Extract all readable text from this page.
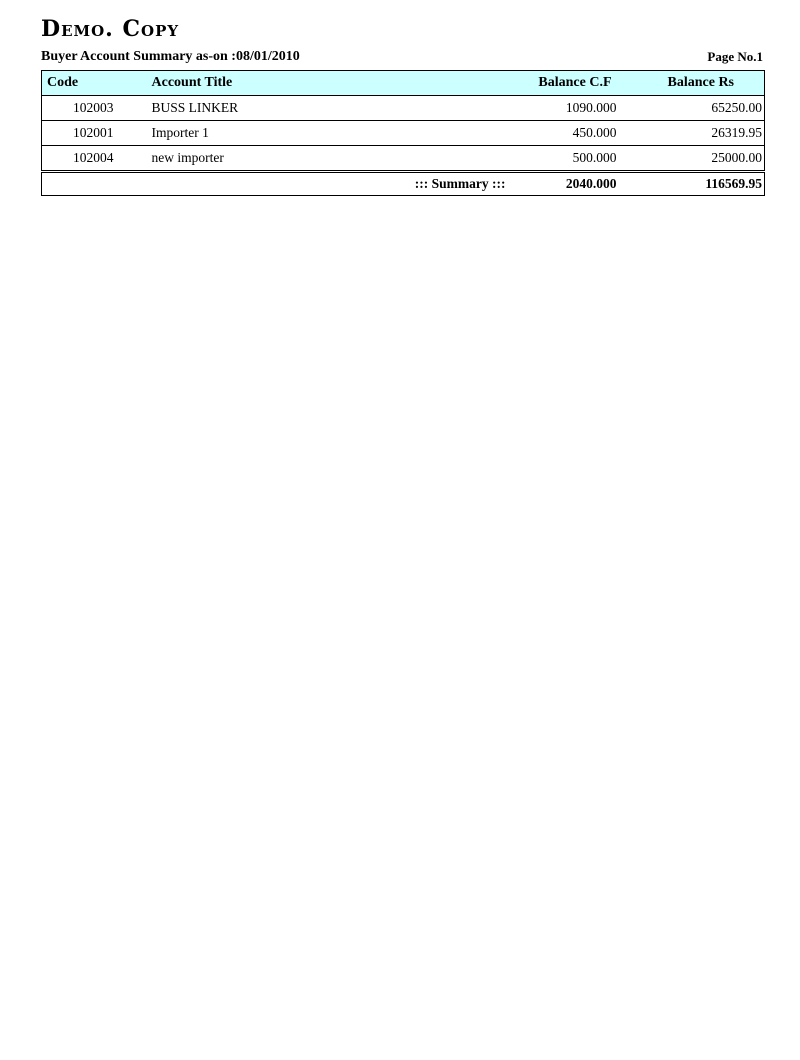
Demo. Copy
Buyer Account Summary as-on :08/01/2010	Page No.1
Code	Account Title		Balance C.F	Balance Rs
102003	BUSS LINKER		1090.000	65250.00
102001	Importer 1		450.000	26319.95
102004	new importer		500.000	25000.00
	::: Summary :::		2040.000	116569.95
